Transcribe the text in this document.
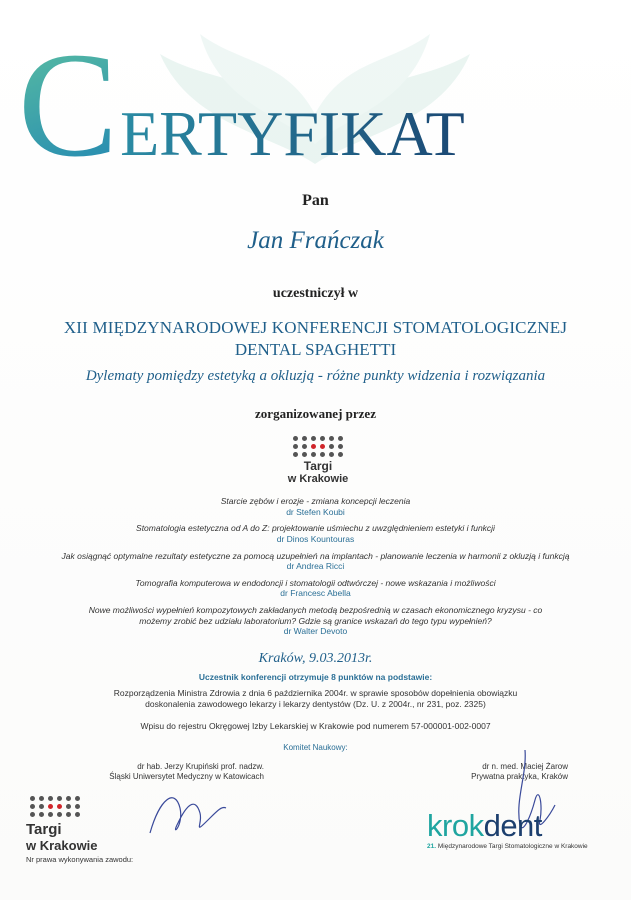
CERTYFIKAT
Pan
Jan Frańczak
uczestniczył w
XII MIĘDZYNARODOWEJ KONFERENCJI STOMATOLOGICZNEJ
DENTAL SPAGHETTI
Dylematy pomiędzy estetyką a okluzją - różne punkty widzenia i rozwiązania
zorganizowanej przez
Targi
w Krakowie
Starcie zębów i erozje - zmiana koncepcji leczenia
dr Stefen Koubi
Stomatologia estetyczna od A do Z: projektowanie uśmiechu z uwzględnieniem estetyki i funkcji
dr Dinos Kountouras
Jak osiągnąć optymalne rezultaty estetyczne za pomocą uzupełnień na implantach - planowanie leczenia w harmonii z okluzją i funkcją
dr Andrea Ricci
Tomografia komputerowa w endodoncji i stomatologii odtwórczej - nowe wskazania i możliwości
dr Francesc Abella
Nowe możliwości wypełnień kompozytowych zakładanych metodą bezpośrednią w czasach ekonomicznego kryzysu - co możemy zrobić bez udziału laboratorium? Gdzie są granice wskazań do tego typu wypełnień?
dr Walter Devoto
Kraków, 9.03.2013r.
Uczestnik konferencji otrzymuje 8 punktów na podstawie:
Rozporządzenia Ministra Zdrowia z dnia 6 października 2004r. w sprawie sposobów dopełnienia obowiązku
doskonalenia zawodowego lekarzy i lekarzy dentystów (Dz. U. z 2004r., nr 231, poz. 2325)
Wpisu do rejestru Okręgowej Izby Lekarskiej w Krakowie pod numerem 57-000001-002-0007
Komitet Naukowy:
dr hab. Jerzy Krupiński prof. nadzw.
Śląski Uniwersytet Medyczny w Katowicach
dr n. med. Maciej Żarow
Prywatna praktyka, Kraków
Targi
w Krakowie
Nr prawa wykonywania zawodu:
krokdent
21. Międzynarodowe Targi Stomatologiczne w Krakowie
